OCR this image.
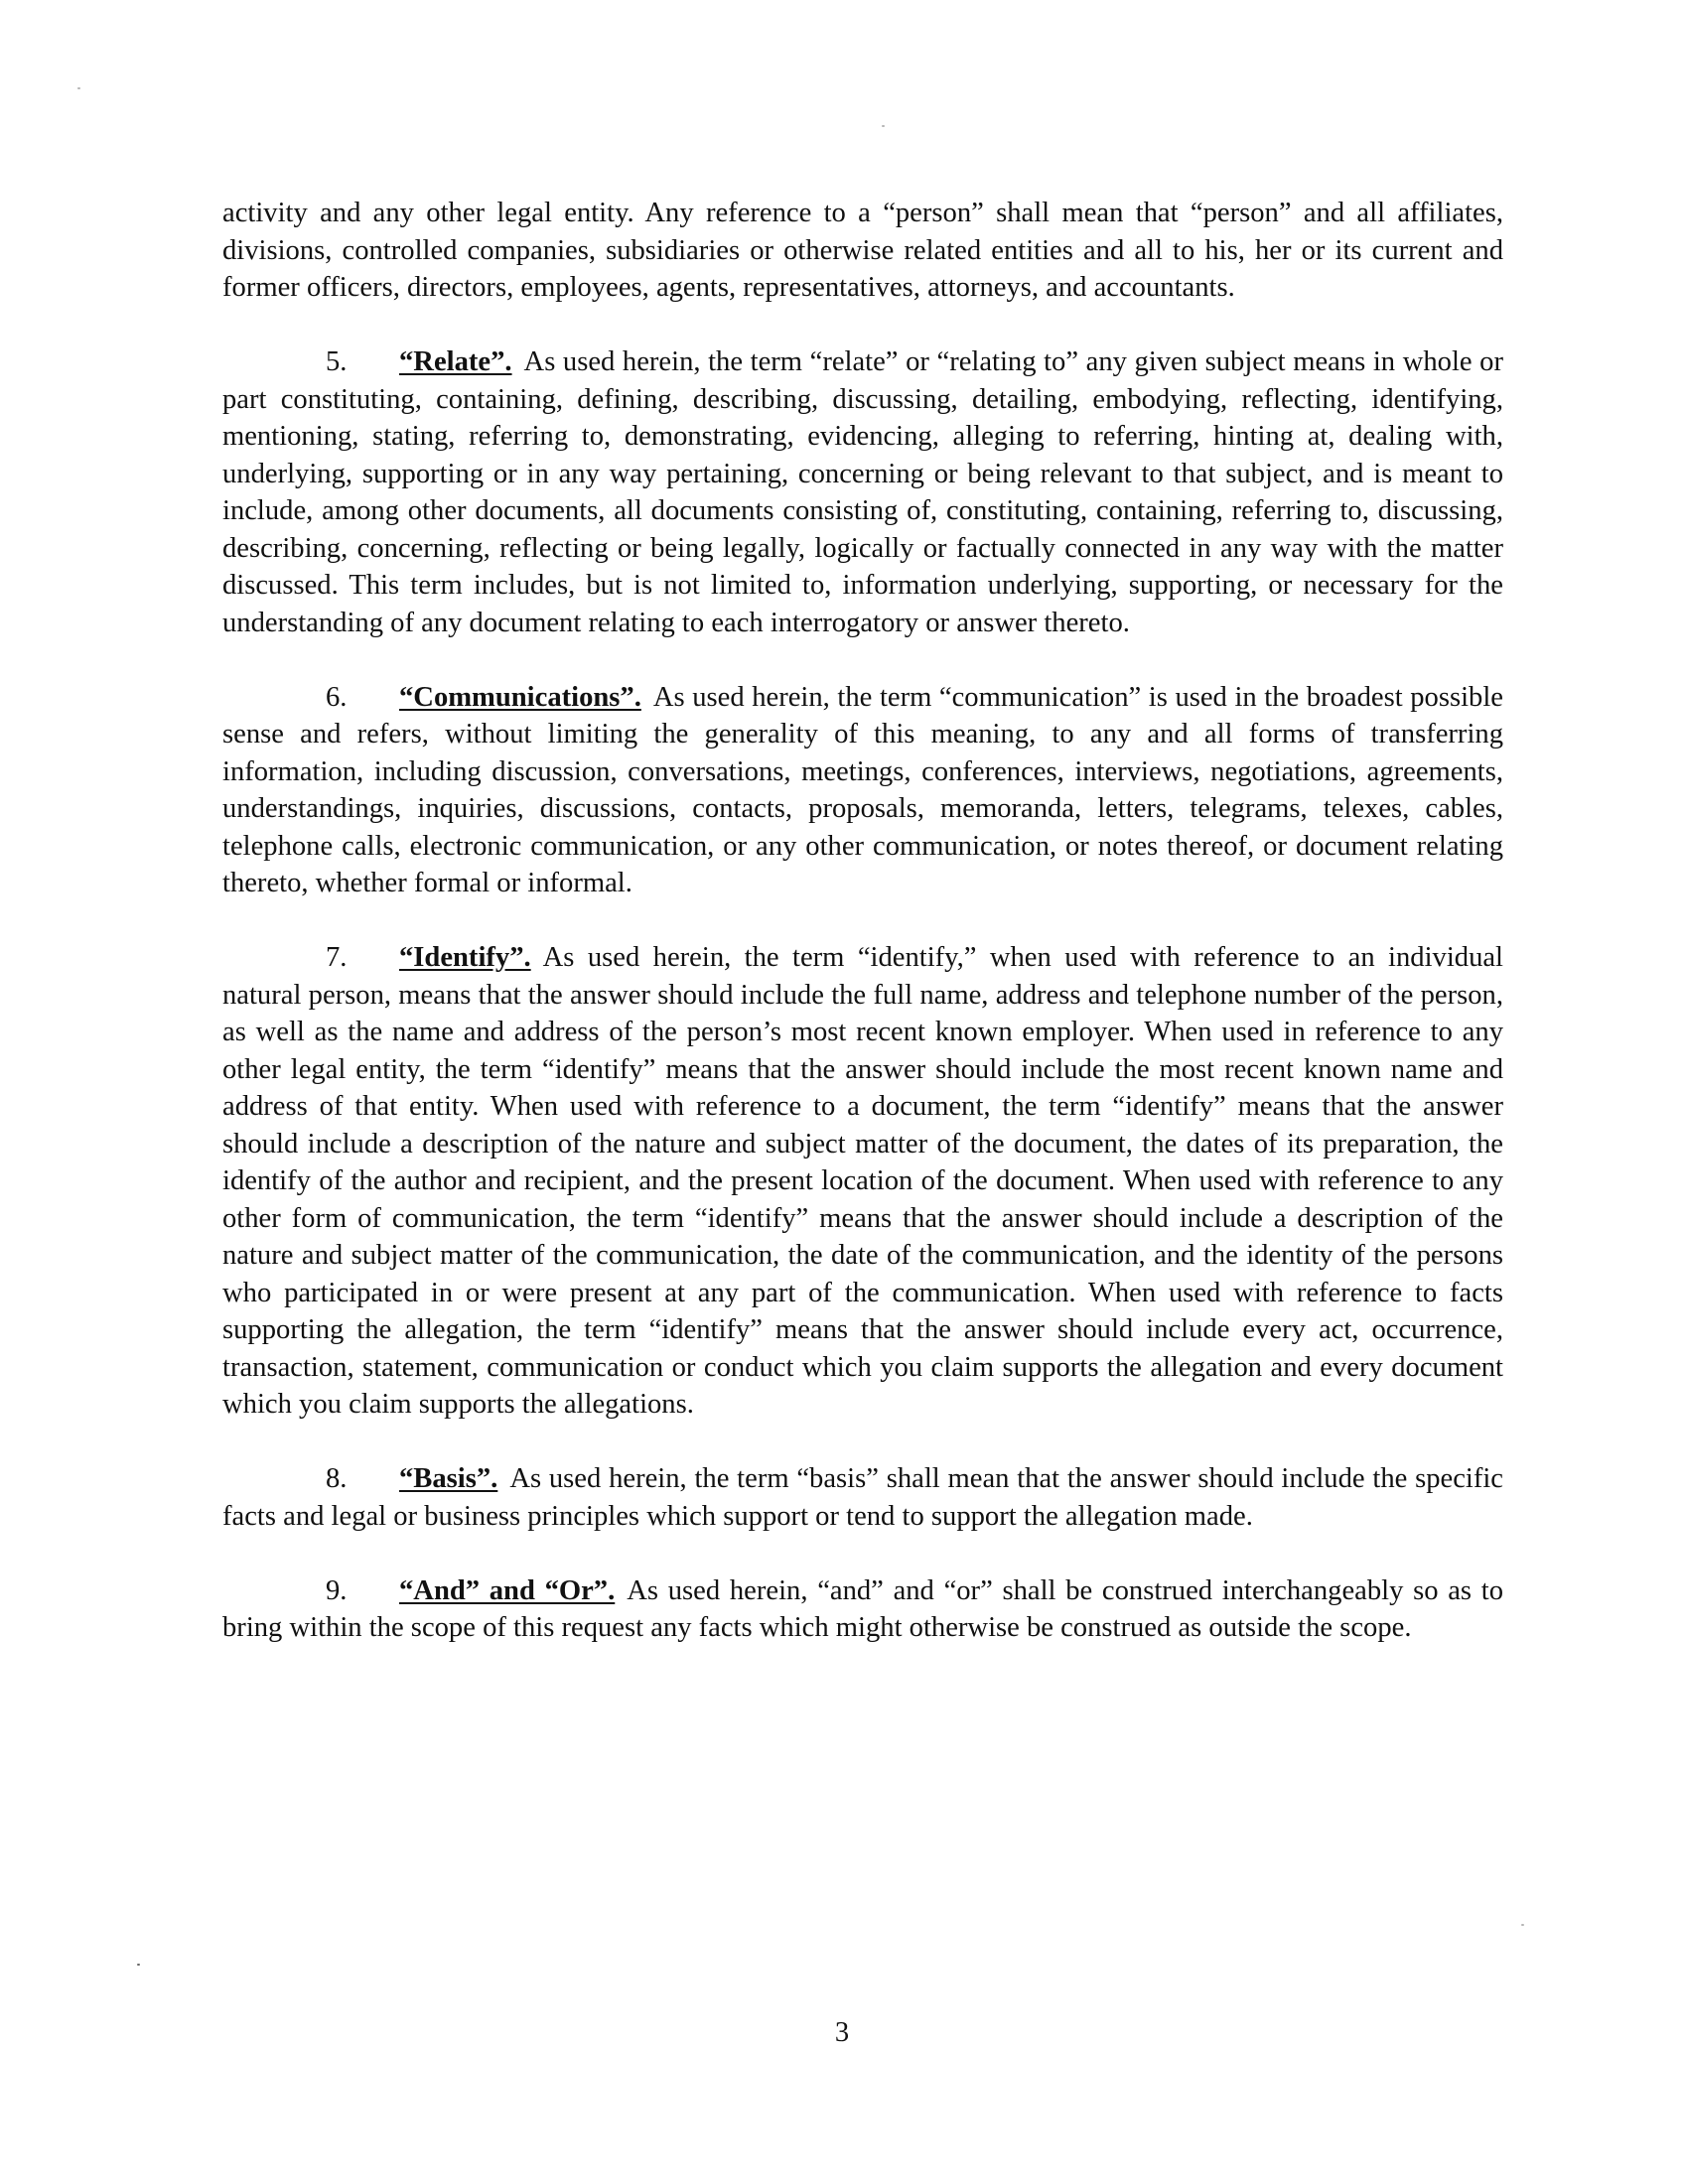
activity and any other legal entity. Any reference to a “person” shall mean that “person” and all affiliates, divisions, controlled companies, subsidiaries or otherwise related entities and all to his, her or its current and former officers, directors, employees, agents, representatives, attorneys, and accountants.

5. “Relate”. As used herein, the term “relate” or “relating to” any given subject means in whole or part constituting, containing, defining, describing, discussing, detailing, embodying, reflecting, identifying, mentioning, stating, referring to, demonstrating, evidencing, alleging to referring, hinting at, dealing with, underlying, supporting or in any way pertaining, concerning or being relevant to that subject, and is meant to include, among other documents, all documents consisting of, constituting, containing, referring to, discussing, describing, concerning, reflecting or being legally, logically or factually connected in any way with the matter discussed. This term includes, but is not limited to, information underlying, supporting, or necessary for the understanding of any document relating to each interrogatory or answer thereto.

6. “Communications”. As used herein, the term “communication” is used in the broadest possible sense and refers, without limiting the generality of this meaning, to any and all forms of transferring information, including discussion, conversations, meetings, conferences, interviews, negotiations, agreements, understandings, inquiries, discussions, contacts, proposals, memoranda, letters, telegrams, telexes, cables, telephone calls, electronic communication, or any other communication, or notes thereof, or document relating thereto, whether formal or informal.

7. “Identify”. As used herein, the term “identify,” when used with reference to an individual natural person, means that the answer should include the full name, address and telephone number of the person, as well as the name and address of the person’s most recent known employer. When used in reference to any other legal entity, the term “identify” means that the answer should include the most recent known name and address of that entity. When used with reference to a document, the term “identify” means that the answer should include a description of the nature and subject matter of the document, the dates of its preparation, the identify of the author and recipient, and the present location of the document. When used with reference to any other form of communication, the term “identify” means that the answer should include a description of the nature and subject matter of the communication, the date of the communication, and the identity of the persons who participated in or were present at any part of the communication. When used with reference to facts supporting the allegation, the term “identify” means that the answer should include every act, occurrence, transaction, statement, communication or conduct which you claim supports the allegation and every document which you claim supports the allegations.

8. “Basis”. As used herein, the term “basis” shall mean that the answer should include the specific facts and legal or business principles which support or tend to support the allegation made.

9. “And” and “Or”. As used herein, “and” and “or” shall be construed interchangeably so as to bring within the scope of this request any facts which might otherwise be construed as outside the scope.

3
